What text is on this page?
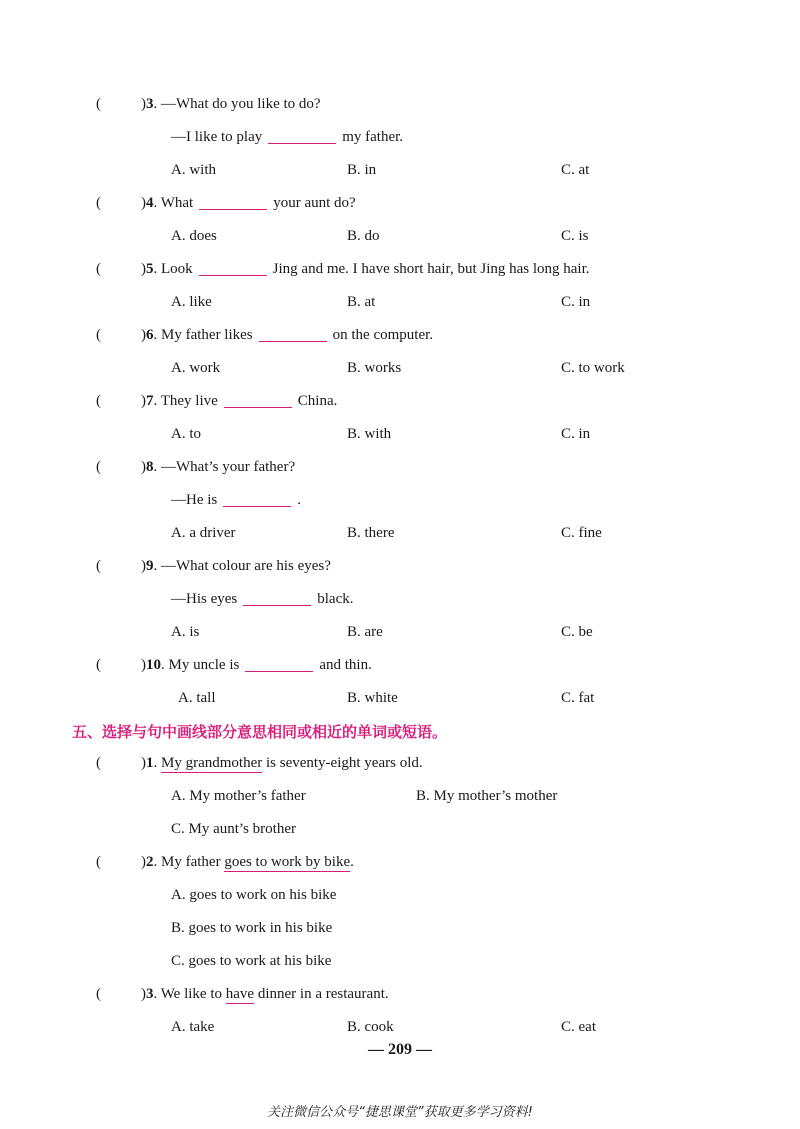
(	)3. —What do you like to do?
—I like to play	my father.
A. with	B. in	C. at
(	)4. What	your aunt do?
A. does	B. do	C. is
(	)5. Look	Jing and me. I have short hair, but Jing has long hair.
A. like	B. at	C. in
(	)6. My father likes	on the computer.
A. work	B. works	C. to work
(	)7. They live	China.
A. to	B. with	C. in
(	)8. —What’s your father?
—He is	.
A. a driver	B. there	C. fine
(	)9. —What colour are his eyes?
—His eyes	black.
A. is	B. are	C. be
(	)10. My uncle is	and thin.
A. tall	B. white	C. fat
五、选择与句中画线部分意思相同或相近的单词或短语。
(	)1. My grandmother is seventy-eight years old.
A. My mother’s father	B. My mother’s mother
C. My aunt’s brother
(	)2. My father goes to work by bike.
A. goes to work on his bike
B. goes to work in his bike
C. goes to work at his bike
(	)3. We like to have dinner in a restaurant.
A. take	B. cook	C. eat
— 209 —
关注微信公众号“捷思课堂”获取更多学习资料!
